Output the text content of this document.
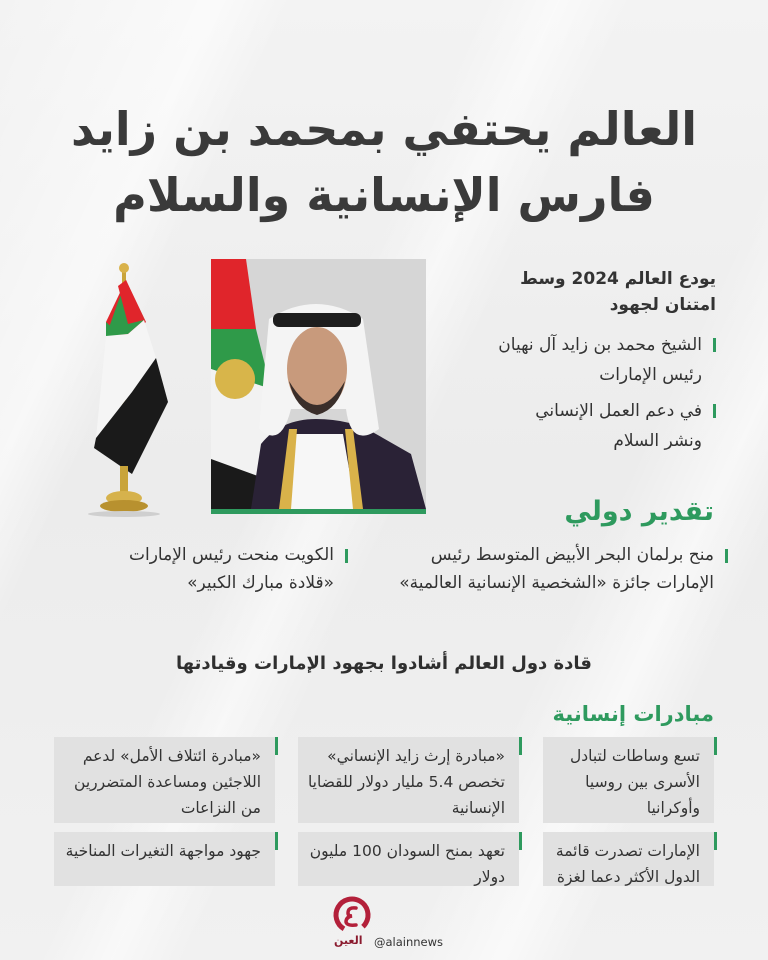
العالم يحتفي بمحمد بن زايد
فارس الإنسانية والسلام
يودع العالم 2024 وسط
امتنان لجهود
الشيخ محمد بن زايد آل نهيان
رئيس الإمارات
في دعم العمل الإنساني
ونشر السلام
تقدير دولي
منح برلمان البحر الأبيض المتوسط رئيس الإمارات جائزة «الشخصية الإنسانية العالمية»
الكويت منحت رئيس الإمارات «قلادة مبارك الكبير»
قادة دول العالم أشادوا بجهود الإمارات وقيادتها
مبادرات إنسانية
تسع وساطات لتبادل الأسرى بين روسيا وأوكرانيا
«مبادرة إرث زايد الإنساني» تخصص 5.4 مليار دولار للقضايا الإنسانية
«مبادرة ائتلاف الأمل» لدعم اللاجئين ومساعدة المتضررين من النزاعات
الإمارات تصدرت قائمة الدول الأكثر دعما لغزة
تعهد بمنح السودان 100 مليون دولار
جهود مواجهة التغيرات المناخية
العين @alainnews
